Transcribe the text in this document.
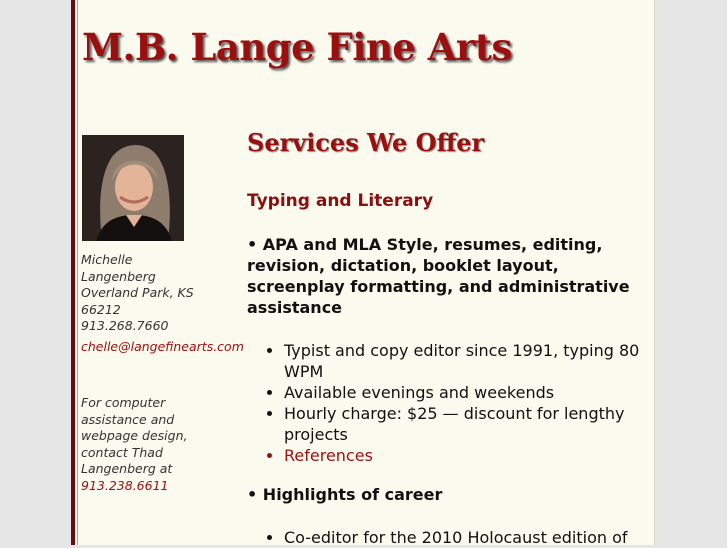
M.B. Lange Fine Arts
Michelle
Langenberg
Overland Park, KS
66212
913.268.7660
chelle@langefinearts.com
For computer
assistance and
webpage design,
contact Thad
Langenberg at
913.238.6611
Services We Offer
Typing and Literary

• APA and MLA Style, resumes, editing, revision, dictation, booklet layout, screenplay formatting, and administrative assistance

• Typist and copy editor since 1991, typing 80 WPM
• Available evenings and weekends
• Hourly charge: $25 — discount for lengthy projects
• References

• Highlights of career

• Co-editor for the 2010 Holocaust edition of
